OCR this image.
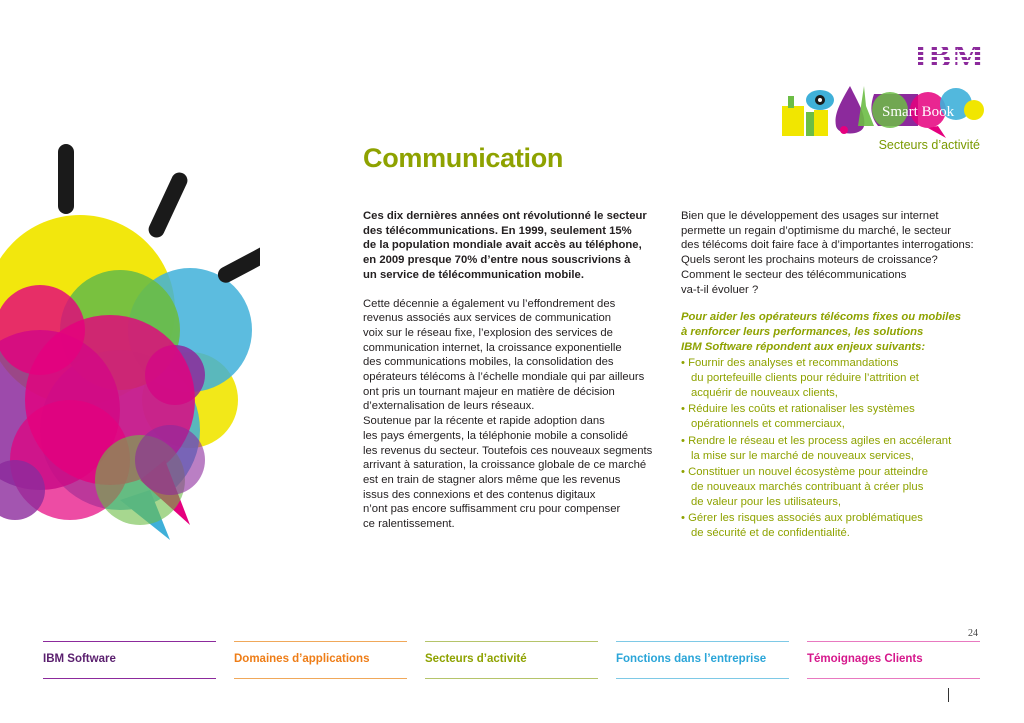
IBM
Smart Book
Secteurs d’activité
Communication

Ces dix dernières années ont révolutionné le secteur
des télécommunications. En 1999, seulement 15%
de la population mondiale avait accès au téléphone,
en 2009 presque 70% d’entre nous souscrivions à
un service de télécommunication mobile.

Cette décennie a également vu l’effondrement des
revenus associés aux services de communication
voix sur le réseau fixe, l’explosion des services de
communication internet, la croissance exponentielle
des communications mobiles, la consolidation des
opérateurs télécoms à l’échelle mondiale qui par ailleurs
ont pris un tournant majeur en matière de décision
d’externalisation de leurs réseaux.

Soutenue par la récente et rapide adoption dans
les pays émergents, la téléphonie mobile a consolidé
les revenus du secteur. Toutefois ces nouveaux segments
arrivant à saturation, la croissance globale de ce marché
est en train de stagner alors même que les revenus
issus des connexions et des contenus digitaux
n’ont pas encore suffisamment cru pour compenser
ce ralentissement.

Bien que le développement des usages sur internet
permette un regain d’optimisme du marché, le secteur
des télécoms doit faire face à d’importantes interrogations:
Quels seront les prochains moteurs de croissance?
Comment le secteur des télécommunications
va-t-il évoluer ?

Pour aider les opérateurs télécoms fixes ou mobiles
à renforcer leurs performances, les solutions
IBM Software répondent aux enjeux suivants:

• Fournir des analyses et recommandations
du portefeuille clients pour réduire l’attrition et
acquérir de nouveaux clients,
• Réduire les coûts et rationaliser les systèmes
opérationnels et commerciaux,
• Rendre le réseau et les process agiles en accélerant
la mise sur le marché de nouveaux services,
• Constituer un nouvel écosystème pour atteindre
de nouveaux marchés contribuant à créer plus
de valeur pour les utilisateurs,
• Gérer les risques associés aux problématiques
de sécurité et de confidentialité.
24
IBM Software	Domaines d’applications	Secteurs d’activité	Fonctions dans l’entreprise	Témoignages Clients
